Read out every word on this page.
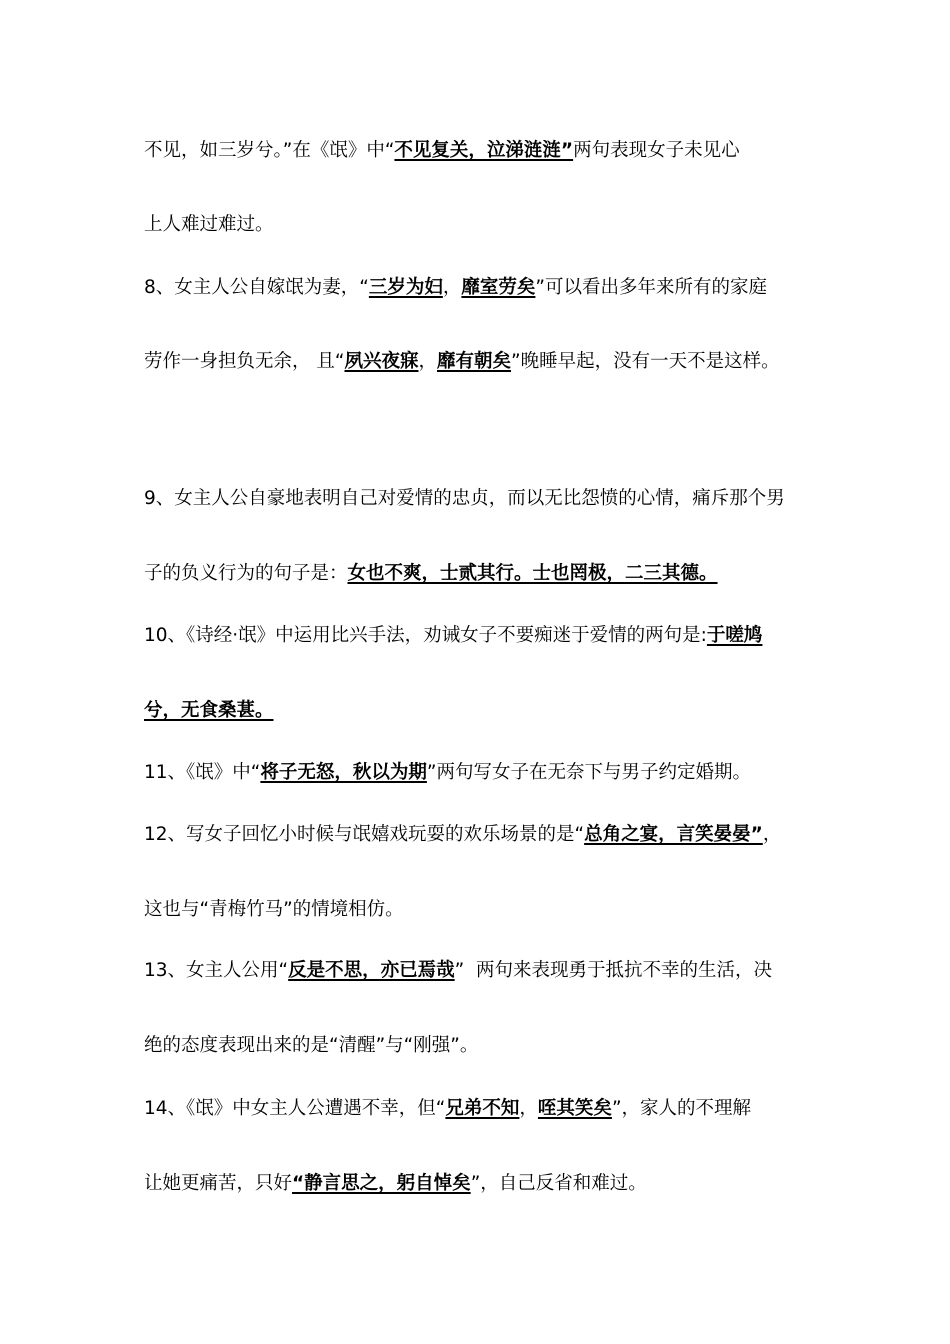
不见，如三岁兮。”在《氓》中“不见复关，泣涕涟涟”两句表现女子未见心
上人难过难过。
8、女主人公自嫁氓为妻，“三岁为妇，靡室劳矣”可以看出多年来所有的家庭
劳作一身担负无余， 且“夙兴夜寐，靡有朝矣”晚睡早起，没有一天不是这样。
9、女主人公自豪地表明自己对爱情的忠贞，而以无比怨愤的心情，痛斥那个男
子的负义行为的句子是：女也不爽，士贰其行。士也罔极，二三其德。
10、《诗经·氓》中运用比兴手法，劝诫女子不要痴迷于爱情的两句是:于嗟鸠
兮，无食桑葚。
11、《氓》中“将子无怒，秋以为期”两句写女子在无奈下与男子约定婚期。
12、写女子回忆小时候与氓嬉戏玩耍的欢乐场景的是“总角之宴，言笑晏晏”，
这也与“青梅竹马”的情境相仿。
13、女主人公用“反是不思，亦已焉哉”  两句来表现勇于抵抗不幸的生活，决
绝的态度表现出来的是“清醒”与“刚强”。
14、《氓》中女主人公遭遇不幸，但“兄弟不知，咥其笑矣”，家人的不理解
让她更痛苦，只好“静言思之，躬自悼矣”，自己反省和难过。
